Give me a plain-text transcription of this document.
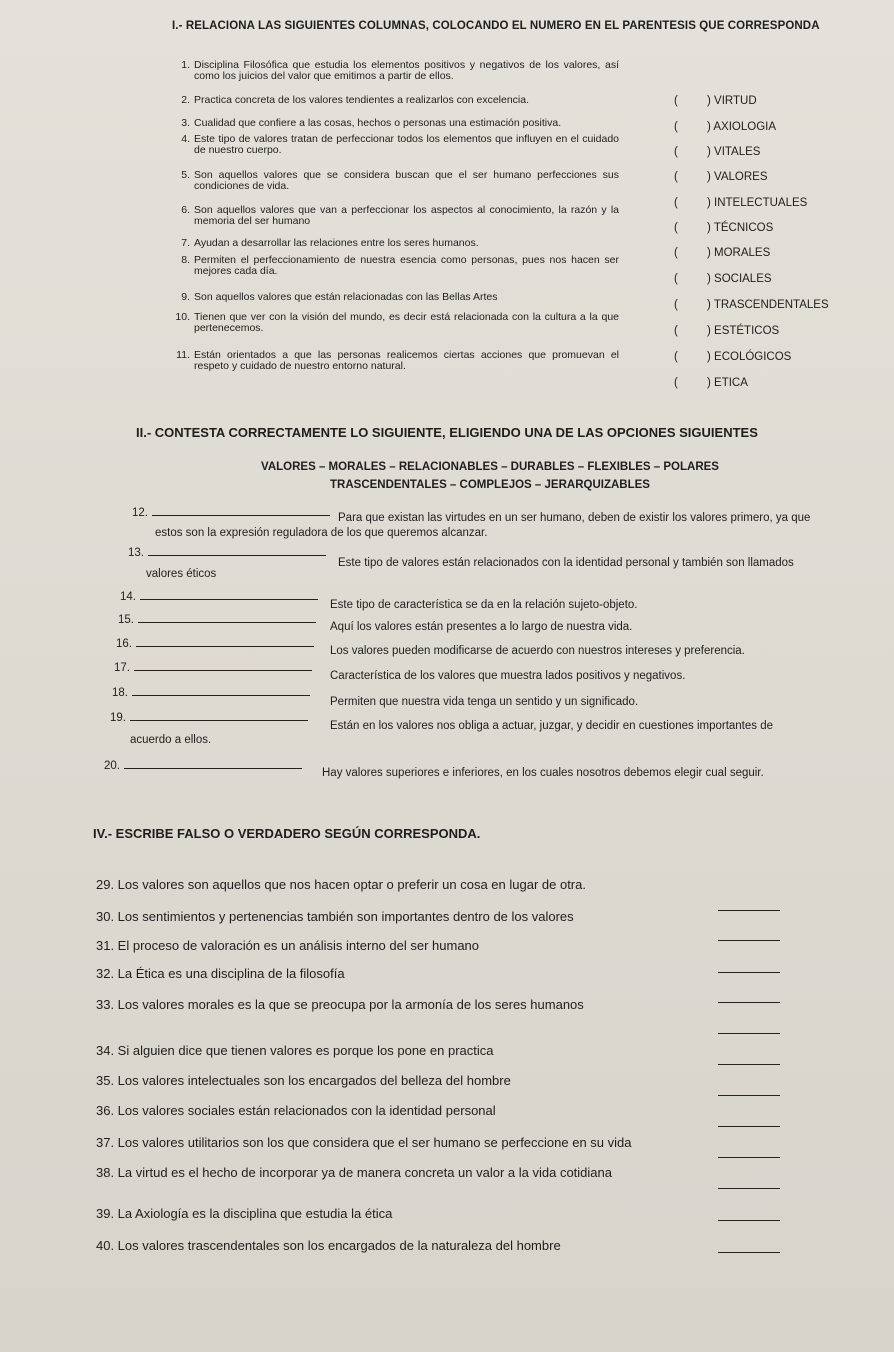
I.- RELACIONA LAS SIGUIENTES COLUMNAS, COLOCANDO EL NUMERO EN EL PARENTESIS QUE CORRESPONDA
1. Disciplina Filosófica que estudia los elementos positivos y negativos de los valores, así como los juicios del valor que emitimos a partir de ellos.
2. Practica concreta de los valores tendientes a realizarlos con excelencia.
3. Cualidad que confiere a las cosas, hechos o personas una estimación positiva.
4. Este tipo de valores tratan de perfeccionar todos los elementos que influyen en el cuidado de nuestro cuerpo.
5. Son aquellos valores que se considera buscan que el ser humano perfecciones sus condiciones de vida.
6. Son aquellos valores que van a perfeccionar los aspectos al conocimiento, la razón y la memoria del ser humano
7. Ayudan a desarrollar las relaciones entre los seres humanos.
8. Permiten el perfeccionamiento de nuestra esencia como personas, pues nos hacen ser mejores cada día.
9. Son aquellos valores que están relacionadas con las Bellas Artes
10. Tienen que ver con la visión del mundo, es decir está relacionada con la cultura a la que pertenecemos.
11. Están orientados a que las personas realicemos ciertas acciones que promuevan el respeto y cuidado de nuestro entorno natural.
(	) VIRTUD
(	) AXIOLOGIA
(	) VITALES
(	) VALORES
(	) INTELECTUALES
(	) TÉCNICOS
(	) MORALES
(	) SOCIALES
(	) TRASCENDENTALES
(	) ESTÉTICOS
(	) ECOLÓGICOS
(	) ETICA
II.- CONTESTA CORRECTAMENTE LO SIGUIENTE, ELIGIENDO UNA DE LAS OPCIONES SIGUIENTES
VALORES – MORALES – RELACIONABLES – DURABLES – FLEXIBLES – POLARES
TRASCENDENTALES – COMPLEJOS – JERARQUIZABLES
12.	Para que existan las virtudes en un ser humano, deben de existir los valores primero, ya que
estos son la expresión reguladora de los que queremos alcanzar.
13.
Este tipo de valores están relacionados con la identidad personal y también son llamados
valores éticos
14.
Este tipo de característica se da en la relación sujeto-objeto.
15.
Aquí los valores están presentes a lo largo de nuestra vida.
16.
Los valores pueden modificarse de acuerdo con nuestros intereses y preferencia.
17.
Característica de los valores que muestra lados positivos y negativos.
18.
Permiten que nuestra vida tenga un sentido y un significado.
19.
Están en los valores nos obliga a actuar, juzgar, y decidir en cuestiones importantes de
acuerdo a ellos.
20.
Hay valores superiores e inferiores, en los cuales nosotros debemos elegir cual seguir.
IV.- ESCRIBE FALSO O VERDADERO SEGÚN CORRESPONDA.
29. Los valores son aquellos que nos hacen optar o preferir un cosa en lugar de otra.
30. Los sentimientos y pertenencias también son importantes dentro de los valores
31. El proceso de valoración es un análisis interno del ser humano
32. La Ética es una disciplina de la filosofía
33. Los valores morales es la que se preocupa por la armonía de los seres humanos
34. Si alguien dice que tienen valores es porque los pone en practica
35. Los valores intelectuales son los encargados del belleza del hombre
36. Los valores sociales están relacionados con la identidad personal
37. Los valores utilitarios son los que considera que el ser humano se perfeccione en su vida
38. La virtud es el hecho de incorporar ya de manera concreta un valor a la vida cotidiana
39. La Axiología es la disciplina que estudia la ética
40. Los valores trascendentales son los encargados de la naturaleza del hombre
